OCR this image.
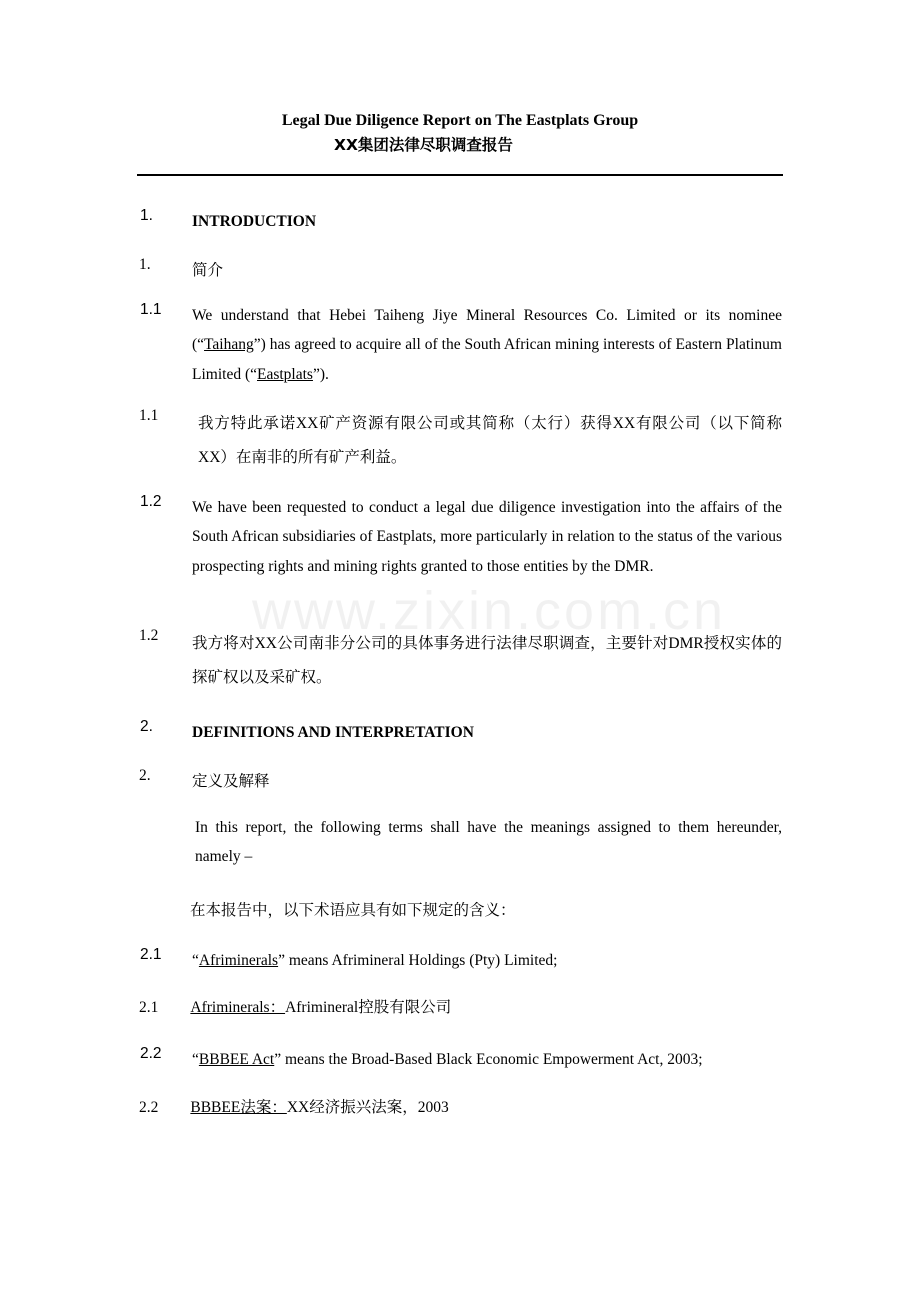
Legal Due Diligence Report on The Eastplats Group
XX集团法律尽职调查报告
www.zixin.com.cn
1.	INTRODUCTION
1.	简介
1.1 We understand that Hebei Taiheng Jiye Mineral Resources Co. Limited or its nominee (“Taihang”) has agreed to acquire all of the South African mining interests of Eastern Platinum Limited (“Eastplats”).
1.1	我方特此承诺XX矿产资源有限公司或其简称（太行）获得XX有限公司（以下简称XX）在南非的所有矿产利益。
1.2 We have been requested to conduct a legal due diligence investigation into the affairs of the South African subsidiaries of Eastplats, more particularly in relation to the status of the various prospecting rights and mining rights granted to those entities by the DMR.
1.2 我方将对XX公司南非分公司的具体事务进行法律尽职调查，主要针对DMR授权实体的探矿权以及采矿权。
2.	DEFINITIONS AND INTERPRETATION
2.	定义及解释
In this report, the following terms shall have the meanings assigned to them hereunder, namely –
在本报告中，以下术语应具有如下规定的含义：
2.1 “Afriminerals” means Afrimineral Holdings (Pty) Limited;
2.1 Afriminerals：Afrimineral控股有限公司
2.2 “BBBEE Act” means the Broad-Based Black Economic Empowerment Act, 2003;
2.2 BBBEE法案：XX经济振兴法案，2003
